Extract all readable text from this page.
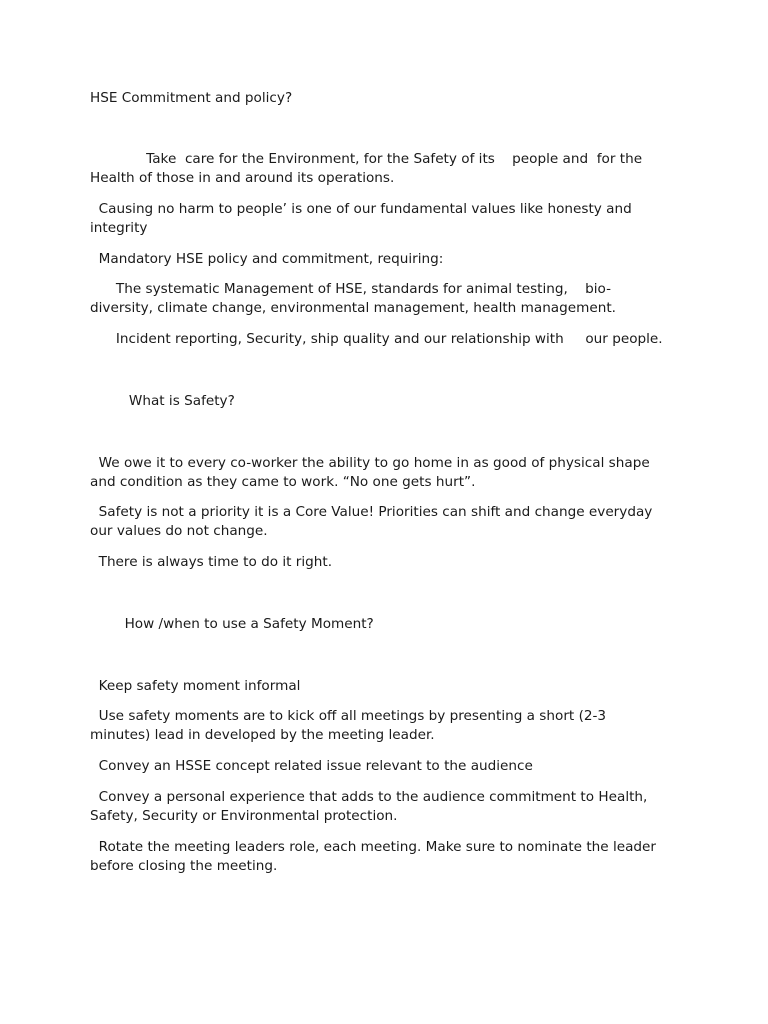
HSE Commitment and policy?

Take  care for the Environment, for the Safety of its    people and  for the

Health of those in and around its operations.

Causing no harm to people’ is one of our fundamental values like honesty and

integrity

Mandatory HSE policy and commitment, requiring:

The systematic Management of HSE, standards for animal testing,    bio-

diversity, climate change, environmental management, health management.

Incident reporting, Security, ship quality and our relationship with     our people.

What is Safety?

We owe it to every co-worker the ability to go home in as good of physical shape

and condition as they came to work. “No one gets hurt”.

Safety is not a priority it is a Core Value! Priorities can shift and change everyday

our values do not change.

There is always time to do it right.

How /when to use a Safety Moment?

Keep safety moment informal

Use safety moments are to kick off all meetings by presenting a short (2-3

minutes) lead in developed by the meeting leader.

Convey an HSSE concept related issue relevant to the audience

Convey a personal experience that adds to the audience commitment to Health,

Safety, Security or Environmental protection.

Rotate the meeting leaders role, each meeting. Make sure to nominate the leader

before closing the meeting.
